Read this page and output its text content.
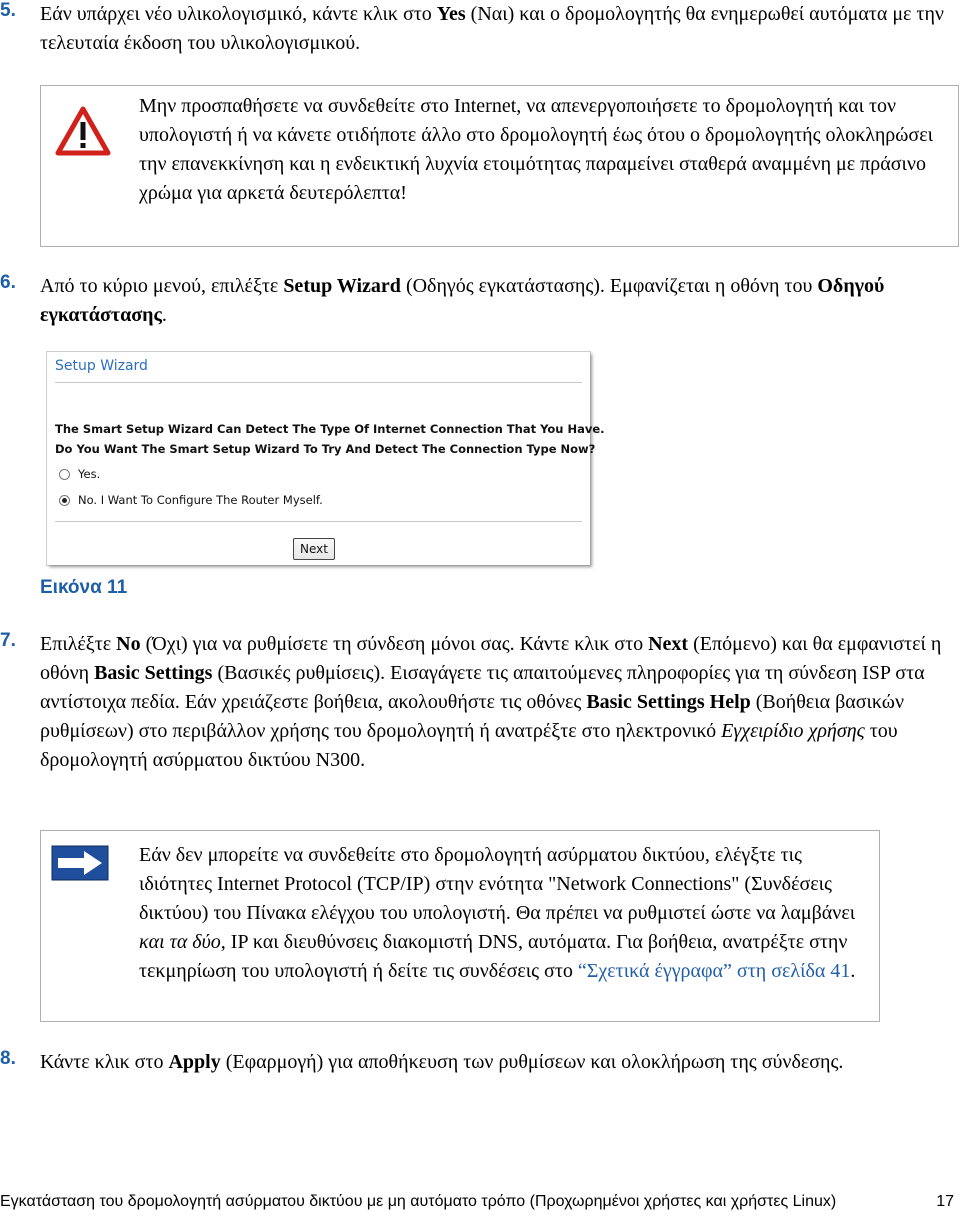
5. Εάν υπάρχει νέο υλικολογισμικό, κάντε κλικ στο Yes (Ναι) και ο δρομολογητής θα ενημερωθεί αυτόματα με την τελευταία έκδοση του υλικολογισμικού.
Μην προσπαθήσετε να συνδεθείτε στο Internet, να απενεργοποιήσετε το δρομολογητή και τον υπολογιστή ή να κάνετε οτιδήποτε άλλο στο δρομολογητή έως ότου ο δρομολογητής ολοκληρώσει την επανεκκίνηση και η ενδεικτική λυχνία ετοιμότητας παραμείνει σταθερά αναμμένη με πράσινο χρώμα για αρκετά δευτερόλεπτα!
6. Από το κύριο μενού, επιλέξτε Setup Wizard (Οδηγός εγκατάστασης). Εμφανίζεται η οθόνη του Οδηγού εγκατάστασης.
Setup Wizard
The Smart Setup Wizard Can Detect The Type Of Internet Connection That You Have.
Do You Want The Smart Setup Wizard To Try And Detect The Connection Type Now?
Yes.
No. I Want To Configure The Router Myself.
Next
Εικόνα 11
7. Επιλέξτε No (Όχι) για να ρυθμίσετε τη σύνδεση μόνοι σας. Κάντε κλικ στο Next (Επόμενο) και θα εμφανιστεί η οθόνη Basic Settings (Βασικές ρυθμίσεις). Εισαγάγετε τις απαιτούμενες πληροφορίες για τη σύνδεση ISP στα αντίστοιχα πεδία. Εάν χρειάζεστε βοήθεια, ακολουθήστε τις οθόνες Basic Settings Help (Βοήθεια βασικών ρυθμίσεων) στο περιβάλλον χρήσης του δρομολογητή ή ανατρέξτε στο ηλεκτρονικό Εγχειρίδιο χρήσης του δρομολογητή ασύρματου δικτύου N300.
Εάν δεν μπορείτε να συνδεθείτε στο δρομολογητή ασύρματου δικτύου, ελέγξτε τις ιδιότητες Internet Protocol (TCP/IP) στην ενότητα "Network Connections" (Συνδέσεις δικτύου) του Πίνακα ελέγχου του υπολογιστή. Θα πρέπει να ρυθμιστεί ώστε να λαμβάνει και τα δύο, IP και διευθύνσεις διακομιστή DNS, αυτόματα. Για βοήθεια, ανατρέξτε στην τεκμηρίωση του υπολογιστή ή δείτε τις συνδέσεις στο “Σχετικά έγγραφα” στη σελίδα 41.
8. Κάντε κλικ στο Apply (Εφαρμογή) για αποθήκευση των ρυθμίσεων και ολοκλήρωση της σύνδεσης.
Εγκατάσταση του δρομολογητή ασύρματου δικτύου με μη αυτόματο τρόπο (Προχωρημένοι χρήστες και χρήστες Linux)	17
